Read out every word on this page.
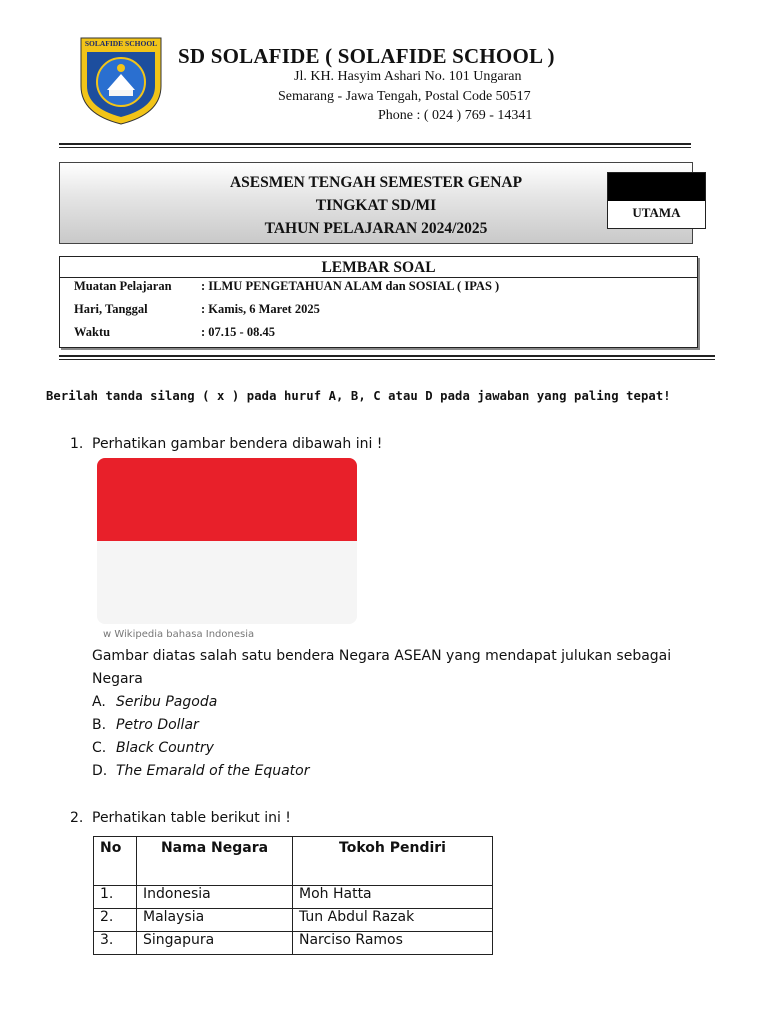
SOLAFIDE SCHOOL
SD SOLAFIDE ( SOLAFIDE SCHOOL )
Jl. KH. Hasyim Ashari No. 101 Ungaran
Semarang - Jawa Tengah, Postal Code 50517
Phone : ( 024 ) 769 - 14341
ASESMEN TENGAH SEMESTER GENAP
TINGKAT SD/MI
TAHUN PELAJARAN 2024/2025
UTAMA
LEMBAR SOAL
Muatan Pelajaran : ILMU PENGETAHUAN ALAM dan SOSIAL ( IPAS )
Hari, Tanggal	: Kamis, 6 Maret 2025
Waktu	: 07.15 - 08.45
Berilah tanda silang ( x ) pada huruf A, B, C atau D pada jawaban yang paling tepat!
1. Perhatikan gambar bendera dibawah ini !
w Wikipedia bahasa Indonesia
Gambar diatas salah satu bendera Negara ASEAN yang mendapat julukan sebagai
Negara
A. Seribu Pagoda
B. Petro Dollar
C. Black Country
D. The Emarald of the Equator
2. Perhatikan table berikut ini !
No	Nama Negara	Tokoh Pendiri
1.	Indonesia	Moh Hatta
2.	Malaysia	Tun Abdul Razak
3.	Singapura	Narciso Ramos
